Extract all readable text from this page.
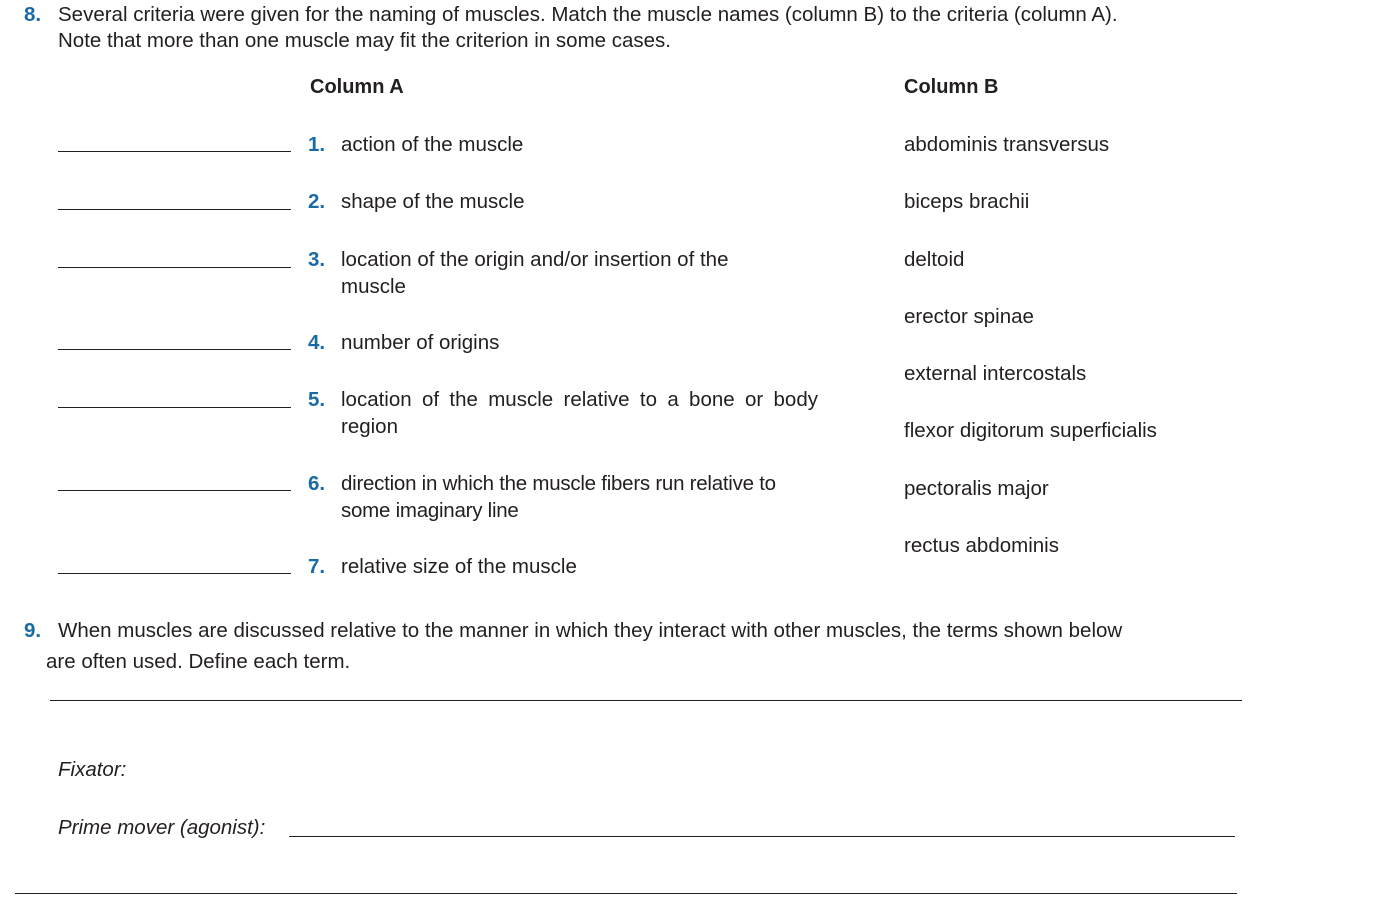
8. Several criteria were given for the naming of muscles. Match the muscle names (column B) to the criteria (column A).
Note that more than one muscle may fit the criterion in some cases.
Column A	Column B
1. action of the muscle
2. shape of the muscle
3. location of the origin and/or insertion of the muscle
4. number of origins
5. location of the muscle relative to a bone or body region
6. direction in which the muscle fibers run relative to some imaginary line
7. relative size of the muscle
abdominis transversus
biceps brachii
deltoid
erector spinae
external intercostals
flexor digitorum superficialis
pectoralis major
rectus abdominis
9. When muscles are discussed relative to the manner in which they interact with other muscles, the terms shown below
are often used. Define each term.
Fixator:
Prime mover (agonist):
